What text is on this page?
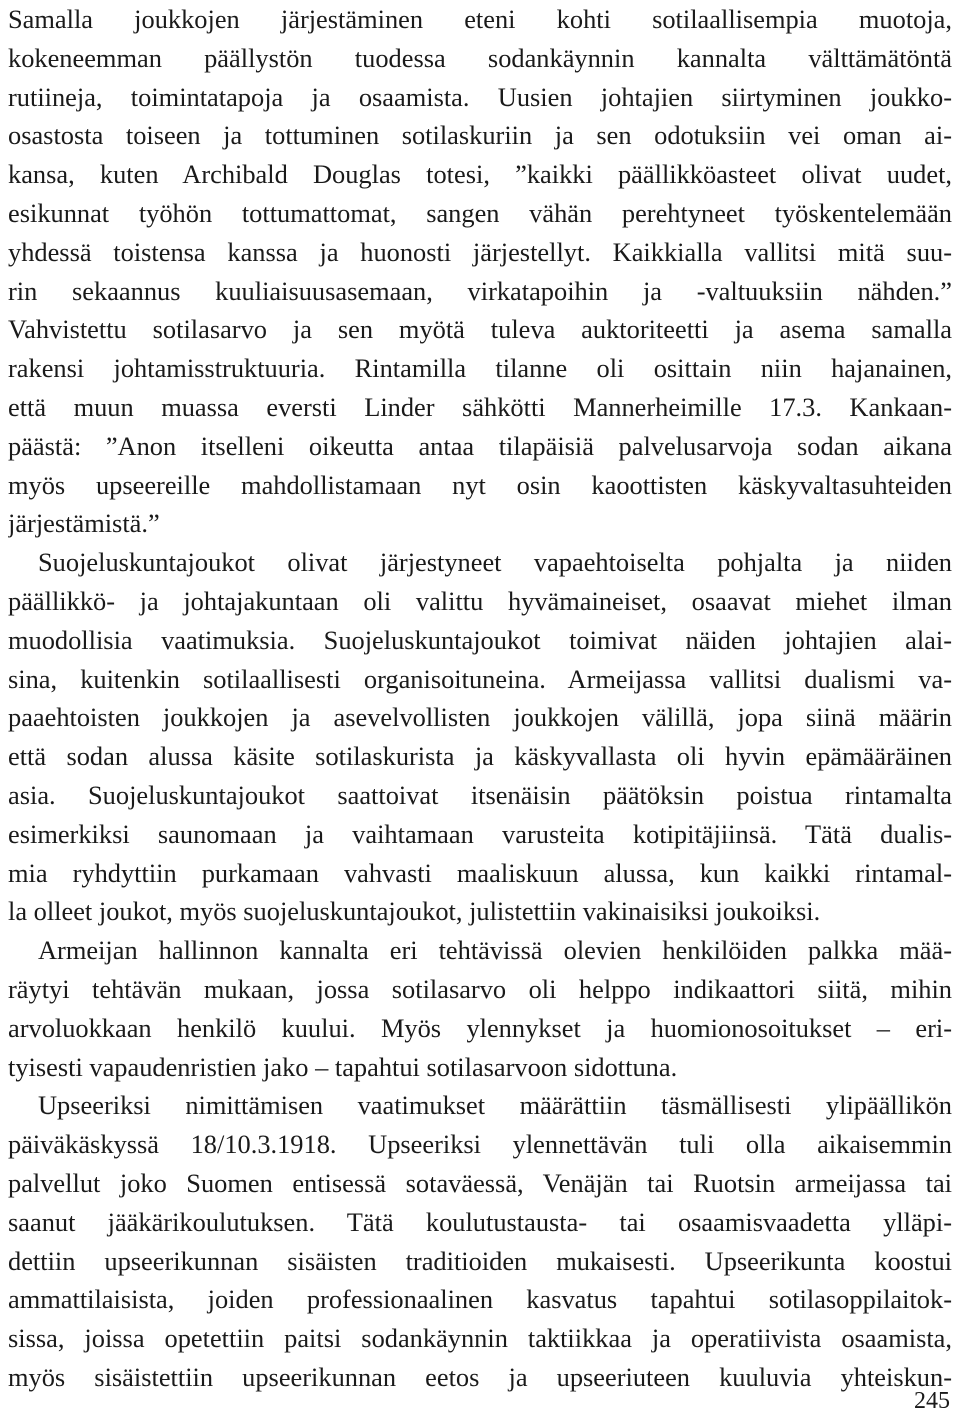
Samalla joukkojen järjestäminen eteni kohti sotilaallisempia muotoja,
kokeneemman päällystön tuodessa sodankäynnin kannalta välttämätöntä
rutiineja, toimintatapoja ja osaamista. Uusien johtajien siirtyminen joukko-
osastosta toiseen ja tottuminen sotilaskuriin ja sen odotuksiin vei oman ai-
kansa, kuten Archibald Douglas totesi, ”kaikki päällikköasteet olivat uudet,
esikunnat työhön tottumattomat, sangen vähän perehtyneet työskentelemään
yhdessä toistensa kanssa ja huonosti järjestellyt. Kaikkialla vallitsi mitä suu-
rin sekaannus kuuliaisuusasemaan, virkatapoihin ja -valtuuksiin nähden.”
Vahvistettu sotilasarvo ja sen myötä tuleva auktoriteetti ja asema samalla
rakensi johtamisstruktuuria. Rintamilla tilanne oli osittain niin hajanainen,
että muun muassa eversti Linder sähkötti Mannerheimille 17.3. Kankaan-
päästä: ”Anon itselleni oikeutta antaa tilapäisiä palvelusarvoja sodan aikana
myös upseereille mahdollistamaan nyt osin kaoottisten käskyvaltasuhteiden
järjestämistä.”
Suojeluskuntajoukot olivat järjestyneet vapaehtoiselta pohjalta ja niiden
päällikkö- ja johtajakuntaan oli valittu hyvämaineiset, osaavat miehet ilman
muodollisia vaatimuksia. Suojeluskuntajoukot toimivat näiden johtajien alai-
sina, kuitenkin sotilaallisesti organisoituneina. Armeijassa vallitsi dualismi va-
paaehtoisten joukkojen ja asevelvollisten joukkojen välillä, jopa siinä määrin
että sodan alussa käsite sotilaskurista ja käskyvallasta oli hyvin epämääräinen
asia. Suojeluskuntajoukot saattoivat itsenäisin päätöksin poistua rintamalta
esimerkiksi saunomaan ja vaihtamaan varusteita kotipitäjiinsä. Tätä dualis-
mia ryhdyttiin purkamaan vahvasti maaliskuun alussa, kun kaikki rintamal-
la olleet joukot, myös suojeluskuntajoukot, julistettiin vakinaisiksi joukoiksi.
Armeijan hallinnon kannalta eri tehtävissä olevien henkilöiden palkka mää-
räytyi tehtävän mukaan, jossa sotilasarvo oli helppo indikaattori siitä, mihin
arvoluokkaan henkilö kuului. Myös ylennykset ja huomionosoitukset – eri-
tyisesti vapaudenristien jako – tapahtui sotilasarvoon sidottuna.
Upseeriksi nimittämisen vaatimukset määrättiin täsmällisesti ylipäällikön
päiväkäskyssä 18/10.3.1918. Upseeriksi ylennettävän tuli olla aikaisemmin
palvellut joko Suomen entisessä sotaväessä, Venäjän tai Ruotsin armeijassa tai
saanut jääkärikoulutuksen. Tätä koulutustausta- tai osaamisvaadetta ylläpi-
dettiin upseerikunnan sisäisten traditioiden mukaisesti. Upseerikunta koostui
ammattilaisista, joiden professionaalinen kasvatus tapahtui sotilasoppilaitok-
sissa, joissa opetettiin paitsi sodankäynnin taktiikkaa ja operatiivista osaamista,
myös sisäistettiin upseerikunnan eetos ja upseeriuteen kuuluvia yhteiskun-
245
